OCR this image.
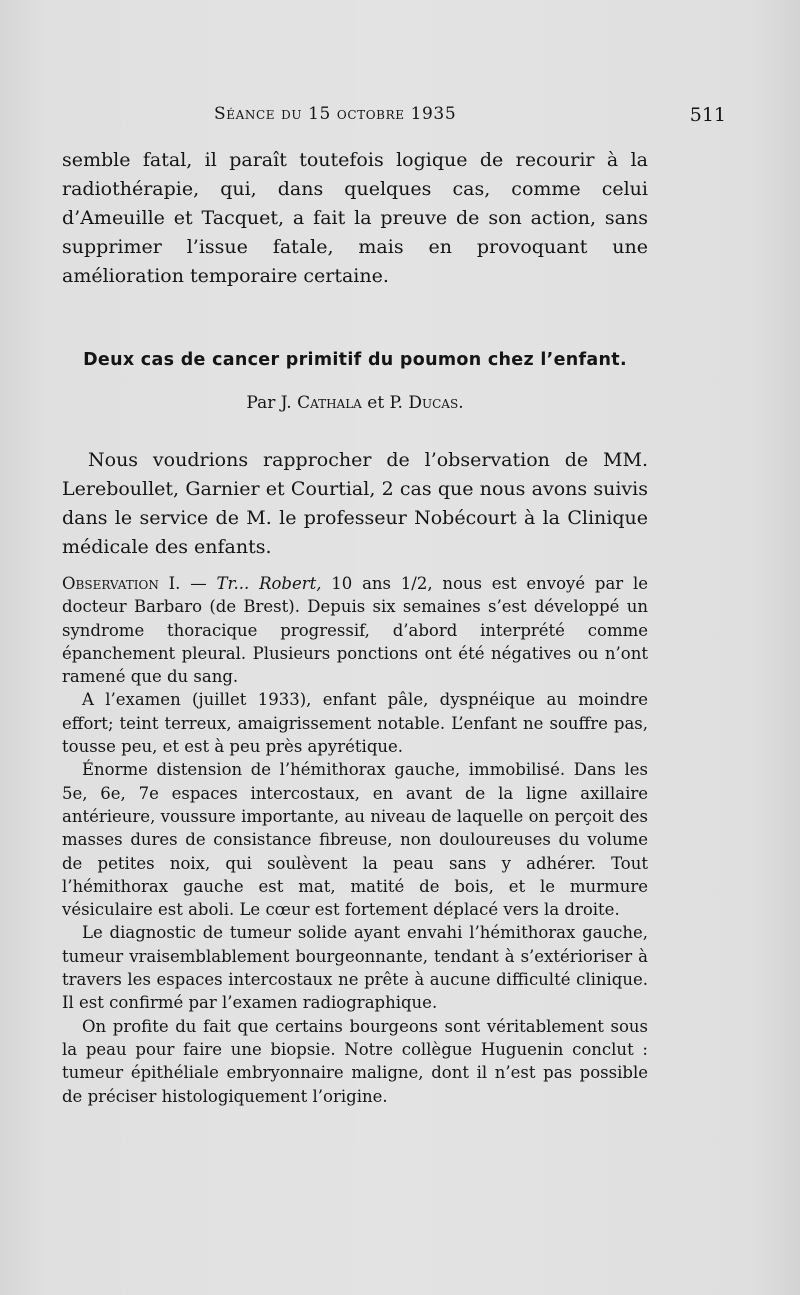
Séance du 15 octobre 1935	511

semble fatal, il paraît toutefois logique de recourir à la radiothérapie, qui, dans quelques cas, comme celui d’Ameuille et Tacquet, a fait la preuve de son action, sans supprimer l’issue fatale, mais en provoquant une amélioration temporaire certaine.

Deux cas de cancer primitif du poumon chez l’enfant.
Par J. Cathala et P. Ducas.

Nous voudrions rapprocher de l’observation de MM. Lereboullet, Garnier et Courtial, 2 cas que nous avons suivis dans le service de M. le professeur Nobécourt à la Clinique médicale des enfants.

Observation I. — Tr... Robert, 10 ans 1/2, nous est envoyé par le docteur Barbaro (de Brest). Depuis six semaines s’est développé un syndrome thoracique progressif, d’abord interprété comme épanchement pleural. Plusieurs ponctions ont été négatives ou n’ont ramené que du sang.

A l’examen (juillet 1933), enfant pâle, dyspnéique au moindre effort; teint terreux, amaigrissement notable. L’enfant ne souffre pas, tousse peu, et est à peu près apyrétique.

Énorme distension de l’hémithorax gauche, immobilisé. Dans les 5e, 6e, 7e espaces intercostaux, en avant de la ligne axillaire antérieure, voussure importante, au niveau de laquelle on perçoit des masses dures de consistance fibreuse, non douloureuses du volume de petites noix, qui soulèvent la peau sans y adhérer. Tout l’hémithorax gauche est mat, matité de bois, et le murmure vésiculaire est aboli. Le cœur est fortement déplacé vers la droite.

Le diagnostic de tumeur solide ayant envahi l’hémithorax gauche, tumeur vraisemblablement bourgeonnante, tendant à s’extérioriser à travers les espaces intercostaux ne prête à aucune difficulté clinique. Il est confirmé par l’examen radiographique.

On profite du fait que certains bourgeons sont véritablement sous la peau pour faire une biopsie. Notre collègue Huguenin conclut : tumeur épithéliale embryonnaire maligne, dont il n’est pas possible de préciser histologiquement l’origine.
